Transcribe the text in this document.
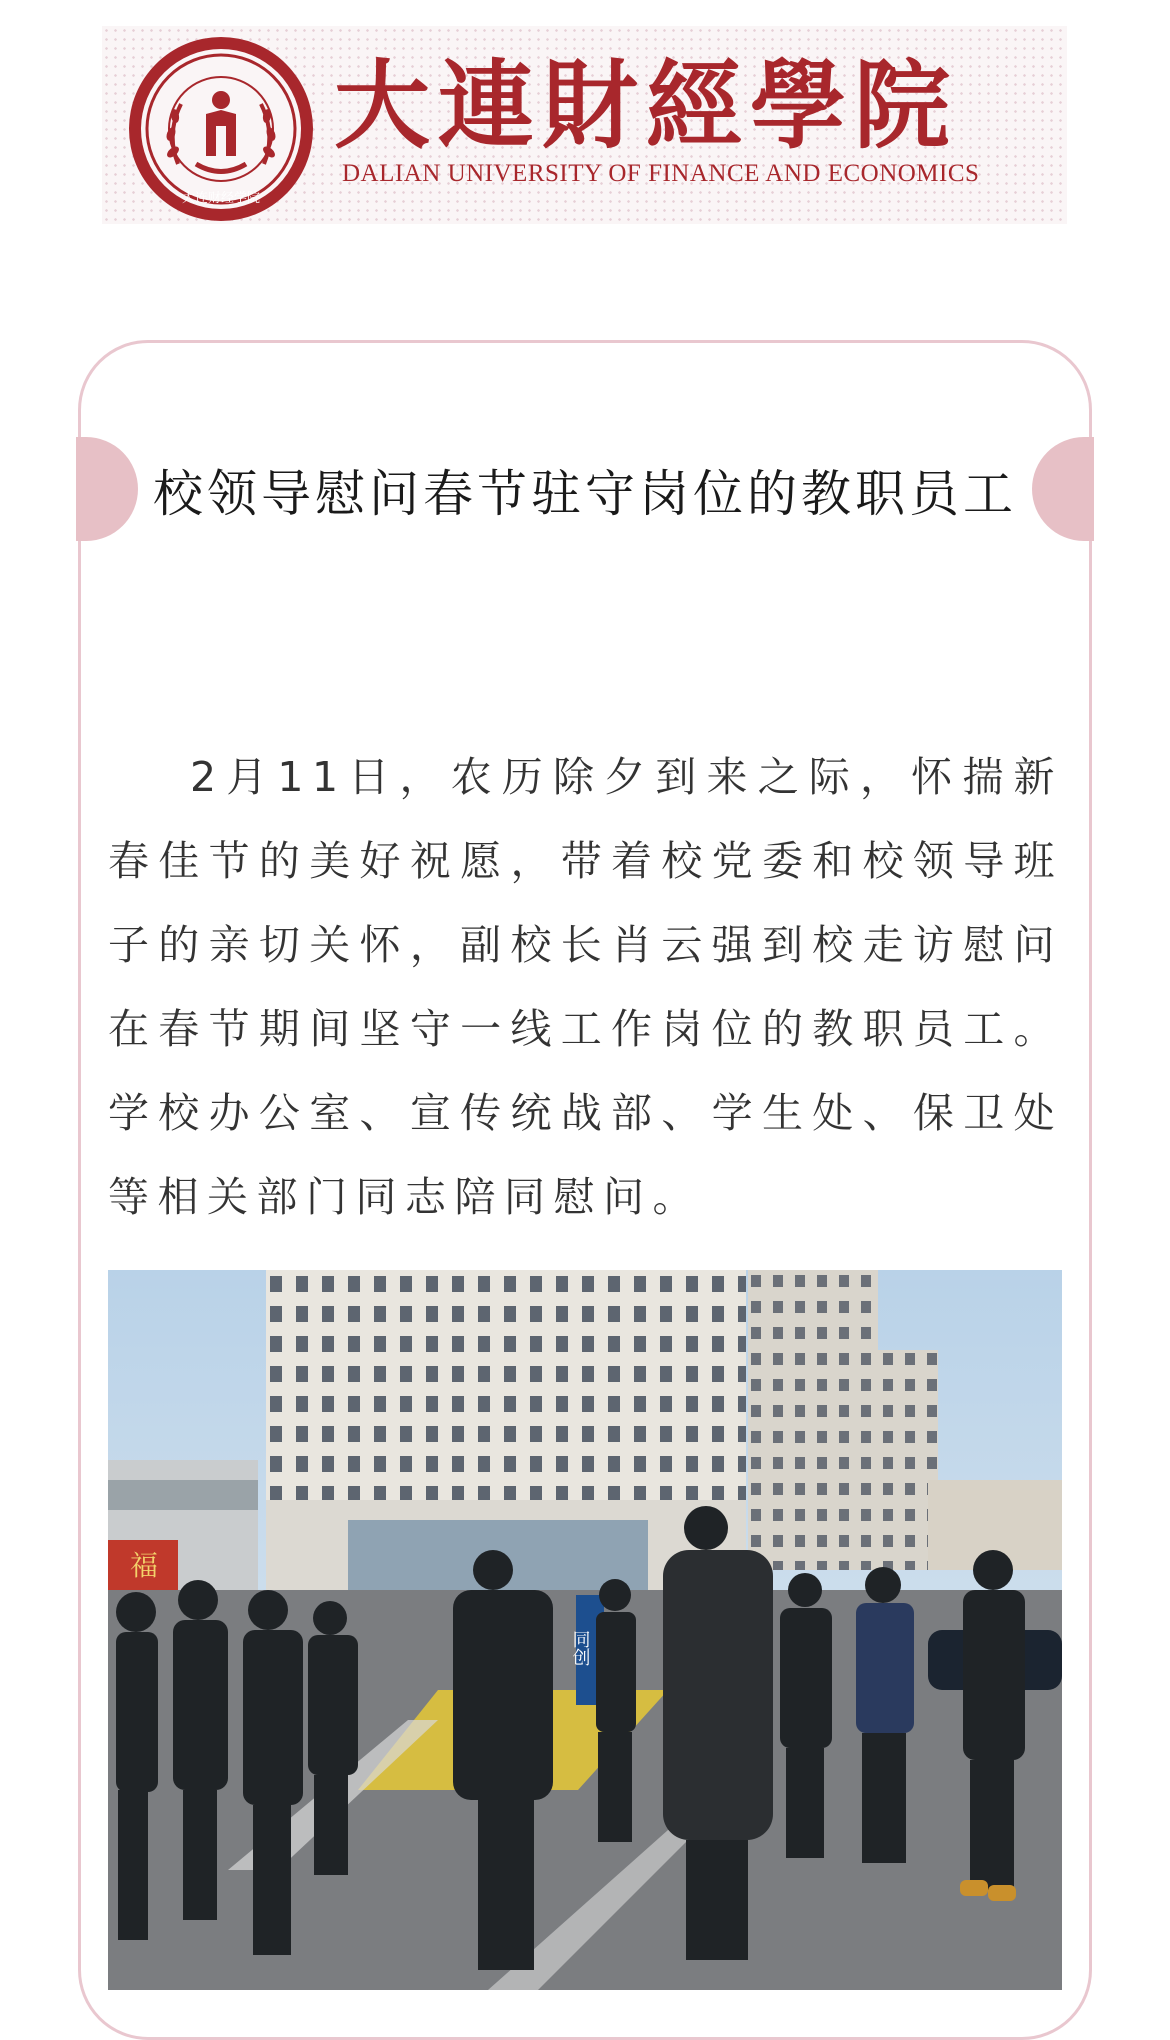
大连财经学院
大連財經學院
DALIAN UNIVERSITY OF FINANCE AND ECONOMICS
校领导慰问春节驻守岗位的教职员工

2月11日，农历除夕到来之际，怀揣新春佳节的美好祝愿，带着校党委和校领导班子的亲切关怀，副校长肖云强到校走访慰问在春节期间坚守一线工作岗位的教职员工。学校办公室、宣传统战部、学生处、保卫处等相关部门同志陪同慰问。

福
同创
